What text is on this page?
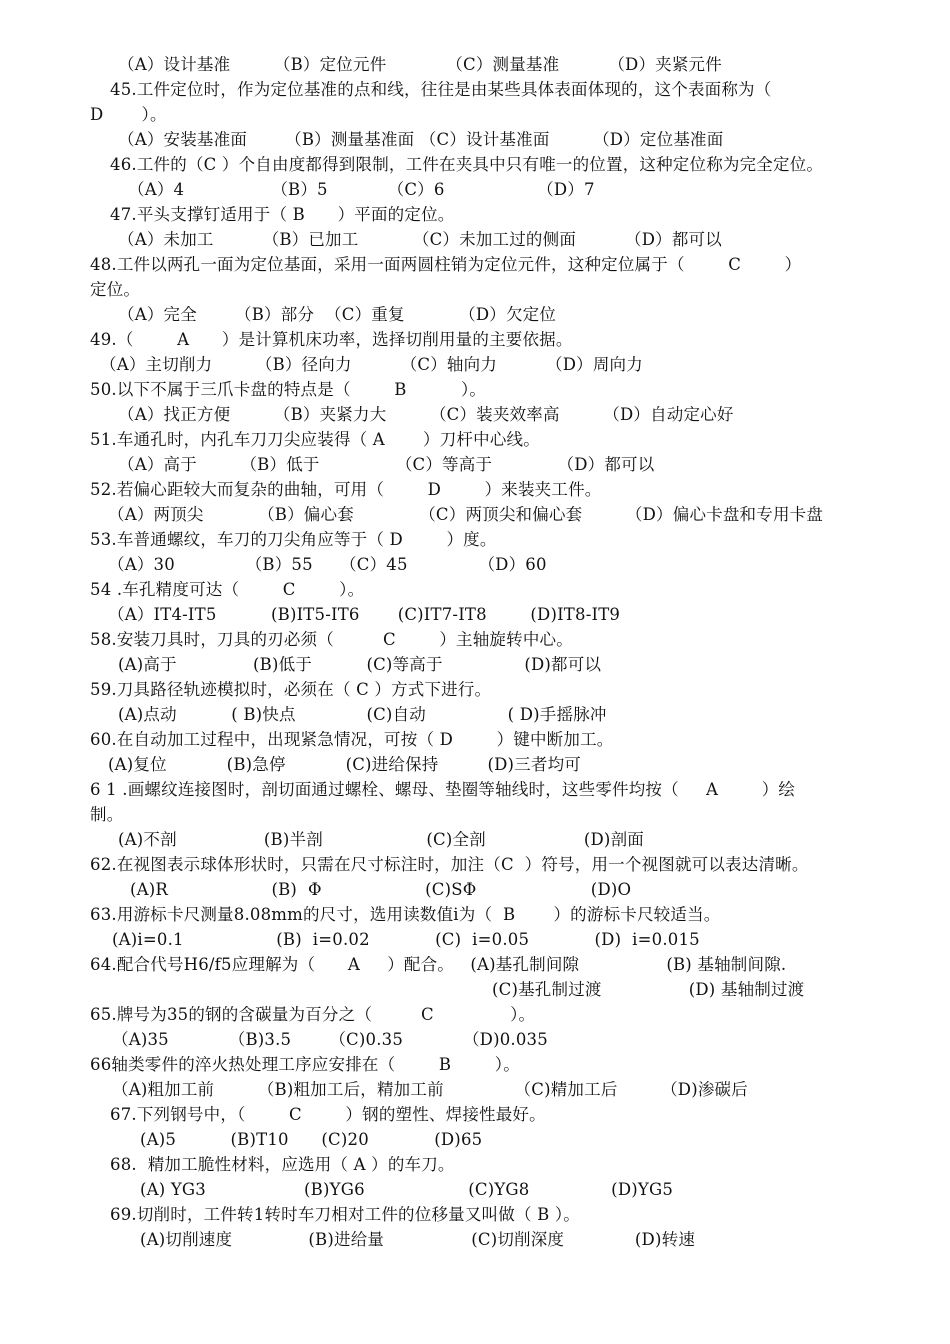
（A）设计基准        （B）定位元件           （C）测量基准         （D）夹紧元件
45.工件定位时，作为定位基准的点和线，往往是由某些具体表面体现的，这个表面称为（
D       ）。
（A）安装基准面       （B）测量基准面 （C）设计基准面        （D）定位基准面
46.工件的（C ）个自由度都得到限制，工件在夹具中只有唯一的位置，这种定位称为完全定位。
（A）4                （B）5           （C）6                 （D）7
47.平头支撑钉适用于（ B      ）平面的定位。
（A）未加工         （B）已加工          （C）未加工过的侧面         （D）都可以
48.工件以两孔一面为定位基面，采用一面两圆柱销为定位元件，这种定位属于（        C        ）
定位。
（A）完全       （B）部分  （C）重复          （D）欠定位
49.（        A      ）是计算机床功率，选择切削用量的主要依据。
（A）主切削力        （B）径向力         （C）轴向力         （D）周向力
50.以下不属于三爪卡盘的特点是（        B          ）。
（A）找正方便        （B）夹紧力大        （C）装夹效率高        （D）自动定心好
51.车通孔时，内孔车刀刀尖应装得（ A       ）刀杆中心线。
（A）高于        （B）低于              （C）等高于            （D）都可以
52.若偏心距较大而复杂的曲轴，可用（        D        ）来装夹工件。
（A）两顶尖          （B）偏心套            （C）两顶尖和偏心套        （D）偏心卡盘和专用卡盘
53.车普通螺纹，车刀的刀尖角应等于（ D        ）度。
（A）30             （B）55     （C）45             （D）60
54 .车孔精度可达（        C        ）。
（A）IT4-IT5          (B)IT5-IT6       (C)IT7-IT8        (D)IT8-IT9
58.安装刀具时，刀具的刃必须（         C        ）主轴旋转中心。
(A)高于              (B)低于          (C)等高于               (D)都可以
59.刀具路径轨迹模拟时，必须在（ C ）方式下进行。
(A)点动          ( B)快点             (C)自动               ( D)手摇脉冲
60.在自动加工过程中，出现紧急情况，可按（ D        ）键中断加工。
(A)复位           (B)急停           (C)进给保持         (D)三者均可
6 1 .画螺纹连接图时，剖切面通过螺栓、螺母、垫圈等轴线时，这些零件均按（     A        ）绘
制。
(A)不剖                (B)半剖                   (C)全剖                  (D)剖面
62.在视图表示球体形状时，只需在尺寸标注时，加注（C  ）符号，用一个视图就可以表达清晰。
(A)R                   (B)  Φ                   (C)SΦ                     (D)O
63.用游标卡尺测量8.08mm的尺寸，选用读数值i为（  B       ）的游标卡尺较适当。
(A)i=0.1                 (B)  i=0.02            (C)  i=0.05            (D)  i=0.015
64.配合代号H6/f5应理解为（      A     ）配合。   (A)基孔制间隙                (B) 基轴制间隙.
(C)基孔制过渡                (D) 基轴制过渡
65.牌号为35的钢的含碳量为百分之（         C              ）。
（A)35           （B)3.5       （C)0.35           （D)0.035
66轴类零件的淬火热处理工序应安排在（        B        ）。
（A)粗加工前        （B)粗加工后，精加工前             （C)精加工后        （D)渗碳后
67.下列钢号中，（        C        ）钢的塑性、焊接性最好。
(A)5          (B)T10      (C)20            (D)65
68.  精加工脆性材料，应选用（ A ）的车刀。
(A) YG3                  (B)YG6                   (C)YG8               (D)YG5
69.切削时，工件转1转时车刀相对工件的位移量又叫做（ B ）。
(A)切削速度              (B)进给量                (C)切削深度             (D)转速
